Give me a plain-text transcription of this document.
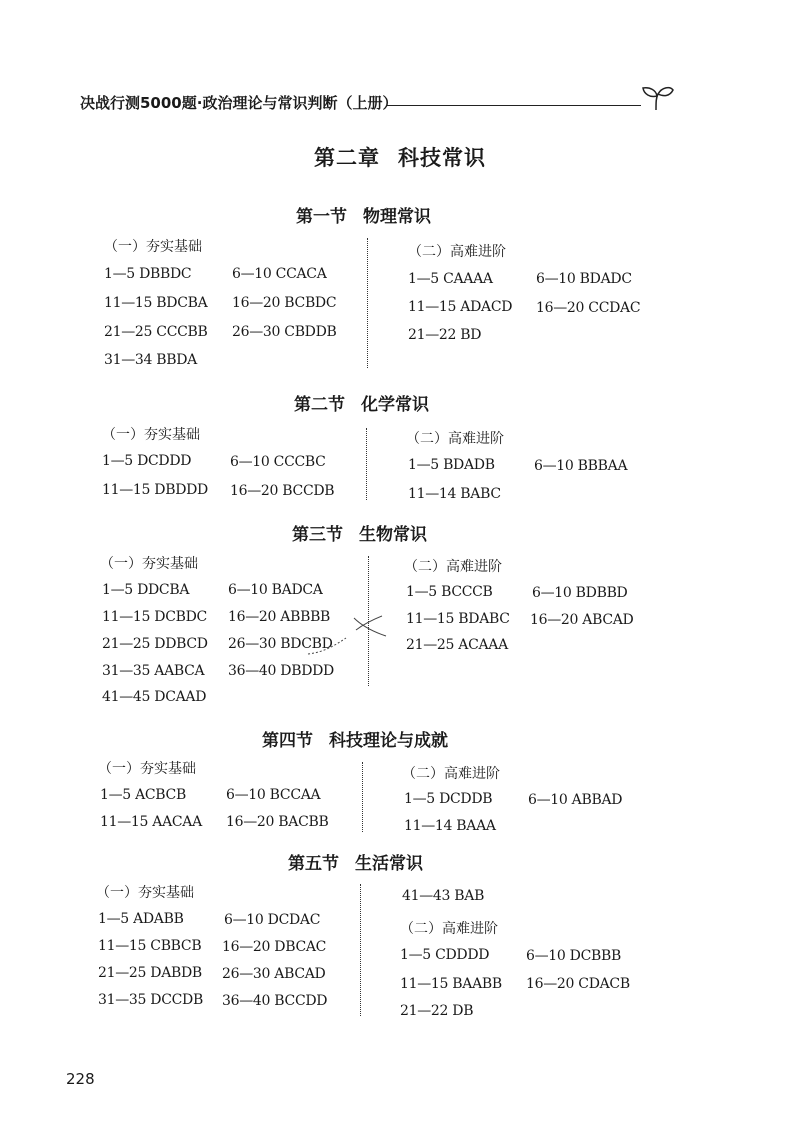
决战行测5000题·政治理论与常识判断（上册）
第二章 科技常识
第一节 物理常识
（一）夯实基础
1—5 DBBDC	6—10 CCACA
11—15 BDCBA 16—20 BCBDC
21—25 CCCBB 26—30 CBDDB
31—34 BBDA
（二）高难进阶
1—5 CAAAA	6—10 BDADC
11—15 ADACD 16—20 CCDAC
21—22 BD
第二节 化学常识
（一）夯实基础
1—5 DCDDD	6—10 CCCBC
11—15 DBDDD 16—20 BCCDB
（二）高难进阶
1—5 BDADB	6—10 BBBAA
11—14 BABC
第三节 生物常识
（一）夯实基础
1—5 DDCBA	6—10 BADCA
11—15 DCBDC 16—20 ABBBB
21—25 DDBCD 26—30 BDCBD
31—35 AABCA 36—40 DBDDD
41—45 DCAAD
（二）高难进阶
1—5 BCCCB	6—10 BDBBD
11—15 BDABC 16—20 ABCAD
21—25 ACAAA
第四节 科技理论与成就
（一）夯实基础
1—5 ACBCB	6—10 BCCAA
11—15 AACAA 16—20 BACBB
（二）高难进阶
1—5 DCDDB	6—10 ABBAD
11—14 BAAA
第五节 生活常识
（一）夯实基础
1—5 ADABB	6—10 DCDAC
11—15 CBBCB 16—20 DBCAC
21—25 DABDB 26—30 ABCAD
31—35 DCCDB 36—40 BCCDD
41—43 BAB
（二）高难进阶
1—5 CDDDD	6—10 DCBBB
11—15 BAABB 16—20 CDACB
21—22 DB
228
